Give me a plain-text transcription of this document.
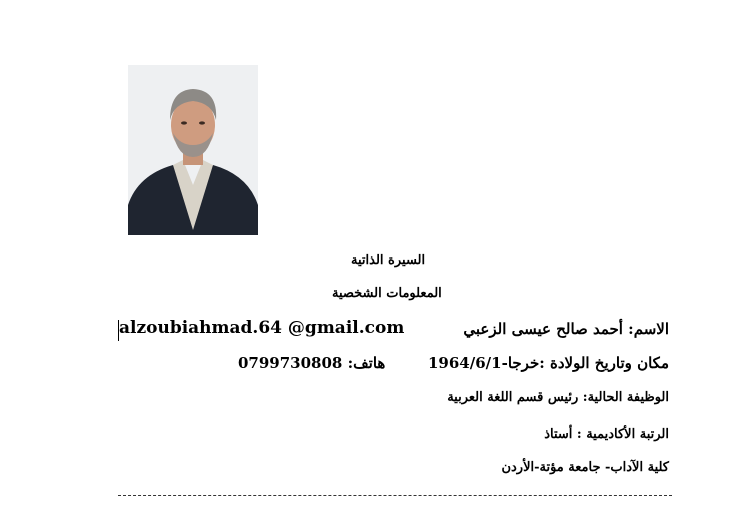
السيرة الذاتية
المعلومات الشخصية
الاسم: أحمد صالح عيسى الزعبي
alzoubiahmad.64 @gmail.com
مكان وتاريخ الولادة :خرجا-1964/6/1
هاتف: 0799730808
الوظيفة الحالية: رئيس قسم اللغة العربية
الرتبة الأكاديمية : أستاذ
كلية الآداب- جامعة مؤتة-الأردن
